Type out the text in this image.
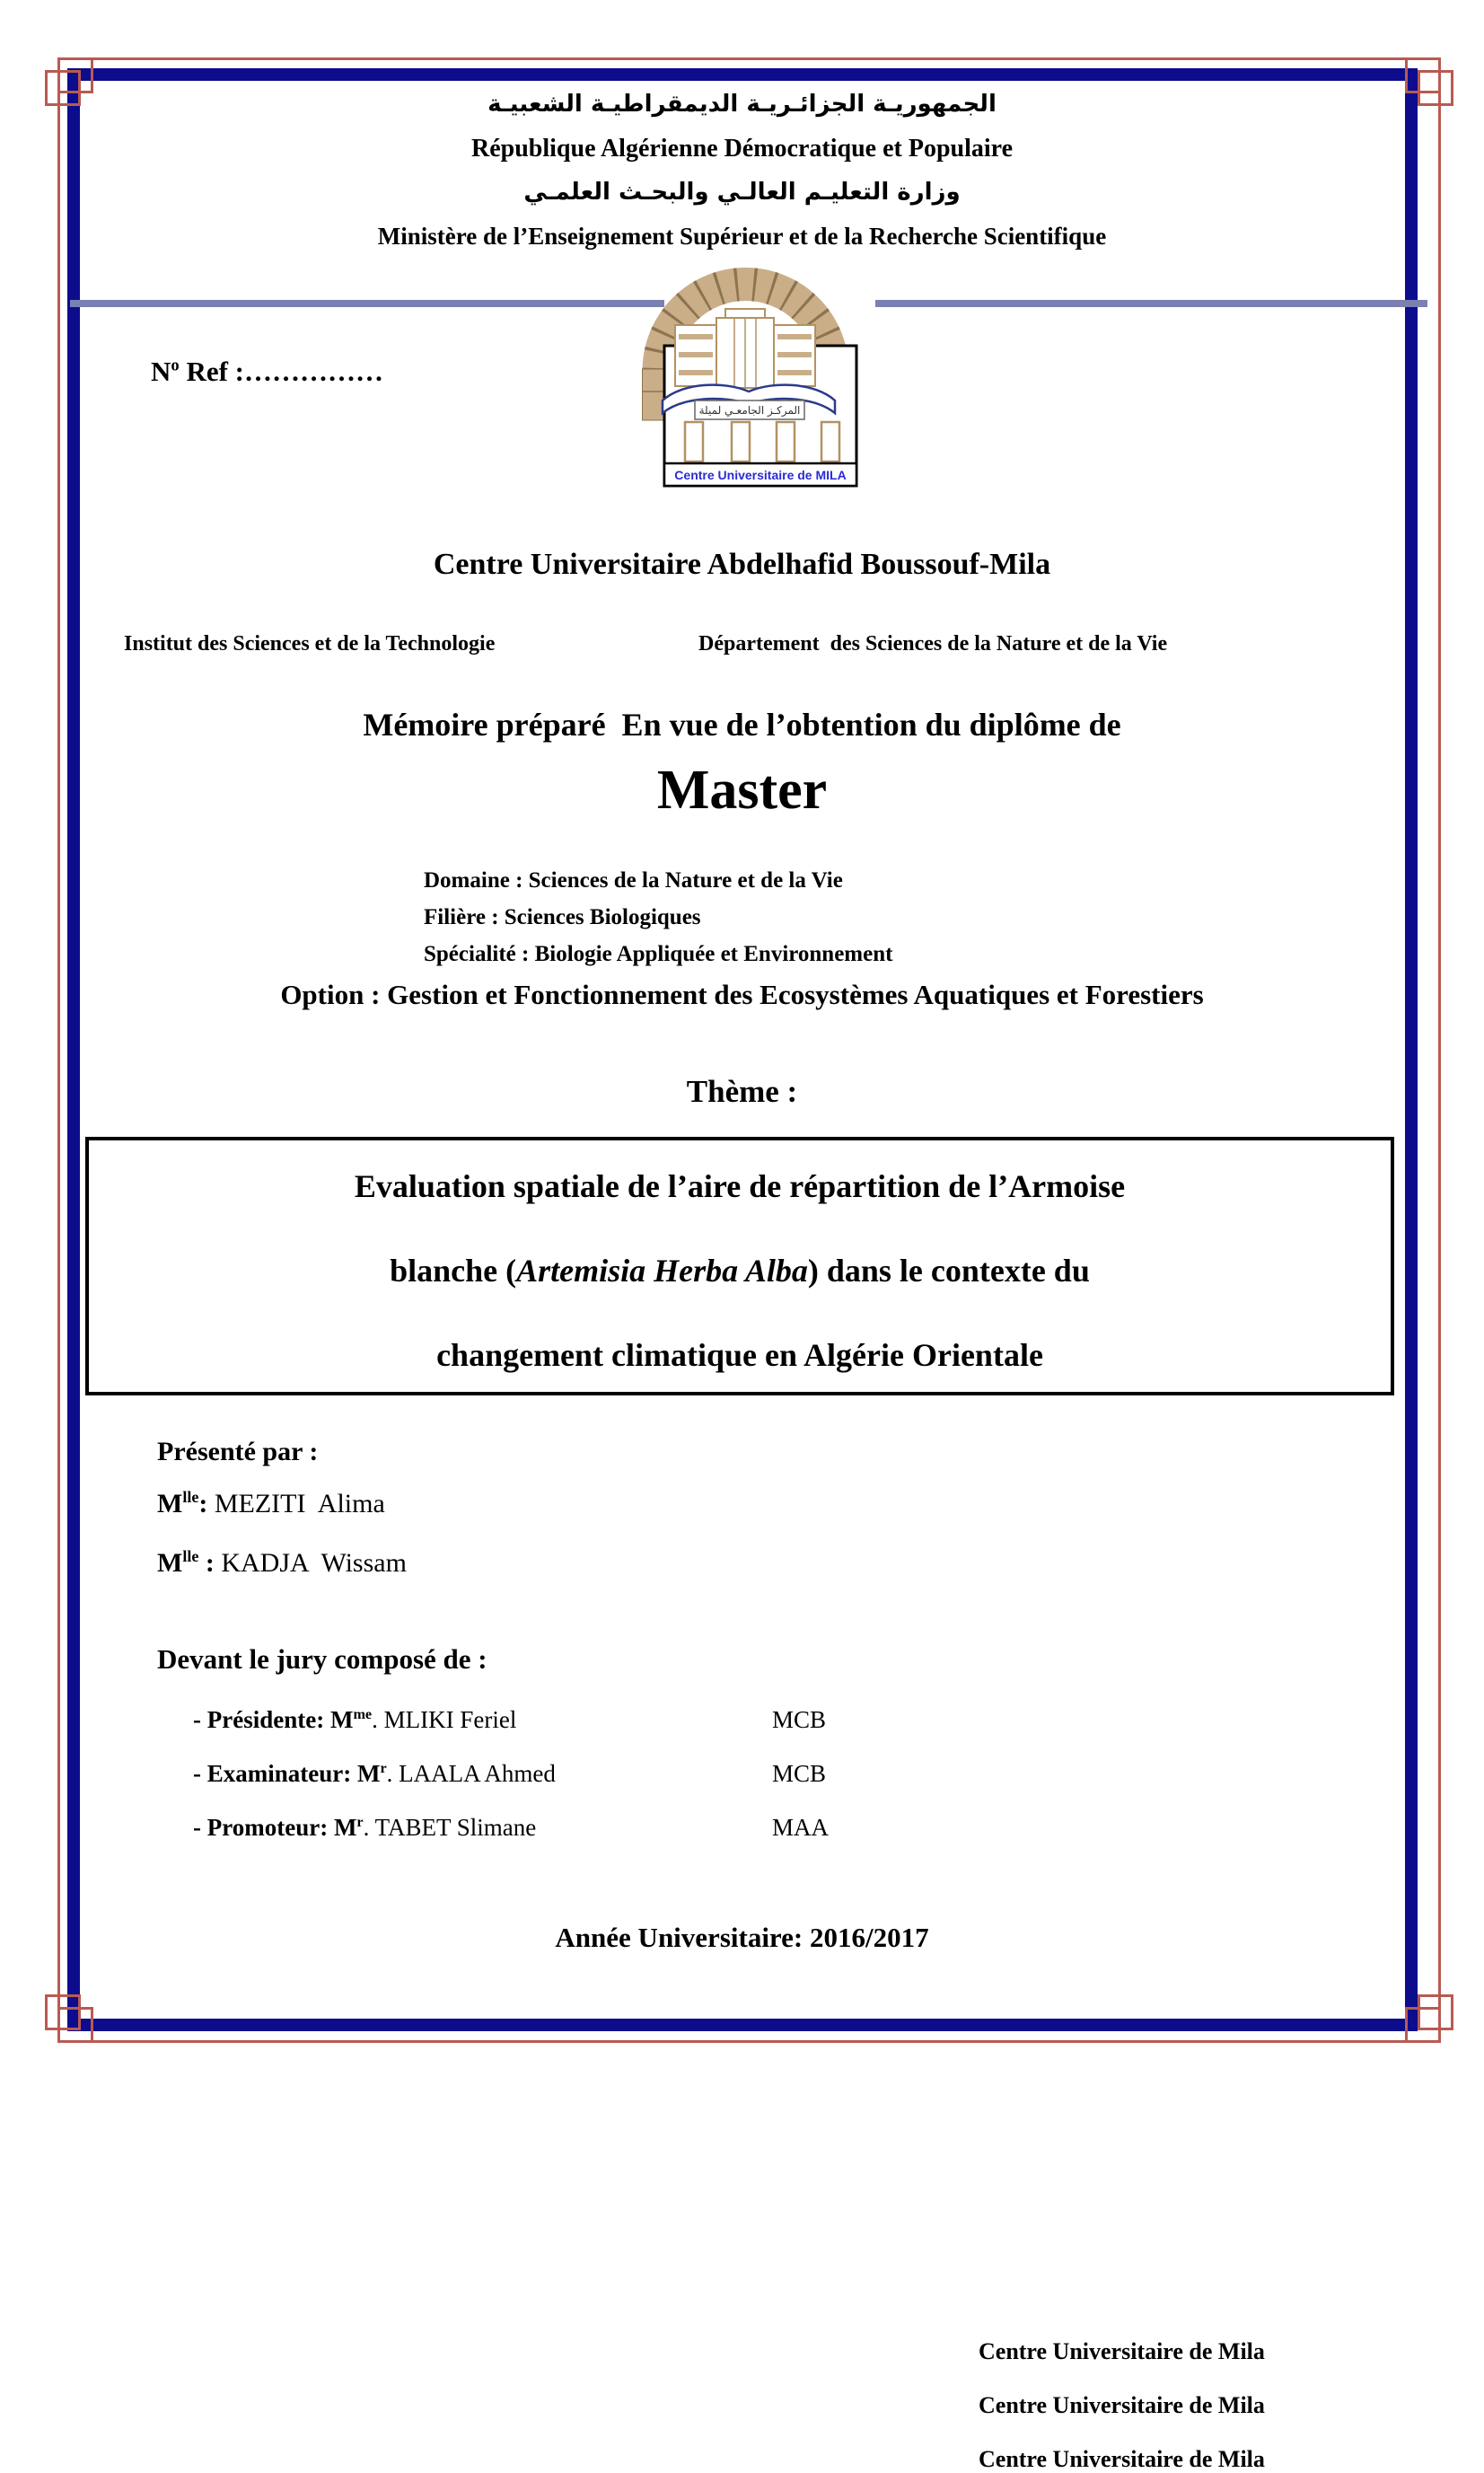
الجمهوريـة الجزائـريـة الديمقراطيـة الشعبيـة
République Algérienne Démocratique et Populaire
وزارة التعليـم العالـي والبحـث العلمـي
Ministère de l’Enseignement Supérieur et de la Recherche Scientifique
$N^o$ Ref :……………
المركـز الجامعـي لميلة
Centre Universitaire de MILA
Centre Universitaire Abdelhafid Boussouf-Mila
Institut des Sciences et de la Technologie	Département  des Sciences de la Nature et de la Vie
Mémoire préparé  En vue de l’obtention du diplôme de
Master
Domaine : Sciences de la Nature et de la Vie
Filière : Sciences Biologiques
Spécialité : Biologie Appliquée et Environnement
Option : Gestion et Fonctionnement des Ecosystèmes Aquatiques et Forestiers
Thème :
Evaluation spatiale de l’aire de répartition de l’Armoise
blanche (Artemisia Herba Alba) dans le contexte du
changement climatique en Algérie Orientale
Présenté par :
$M^{lle}$: MEZITI  Alima
$M^{lle}$ : KADJA  Wissam
Devant le jury composé de :
- Présidente: $M^{me}$. MLIKI Feriel	MCB
Centre Universitaire de Mila
- Examinateur: $M^r$. LAALA Ahmed	MCB
Centre Universitaire de Mila
- Promoteur: $M^r$. TABET Slimane	MAA
Centre Universitaire de Mila
Année Universitaire: 2016/2017
